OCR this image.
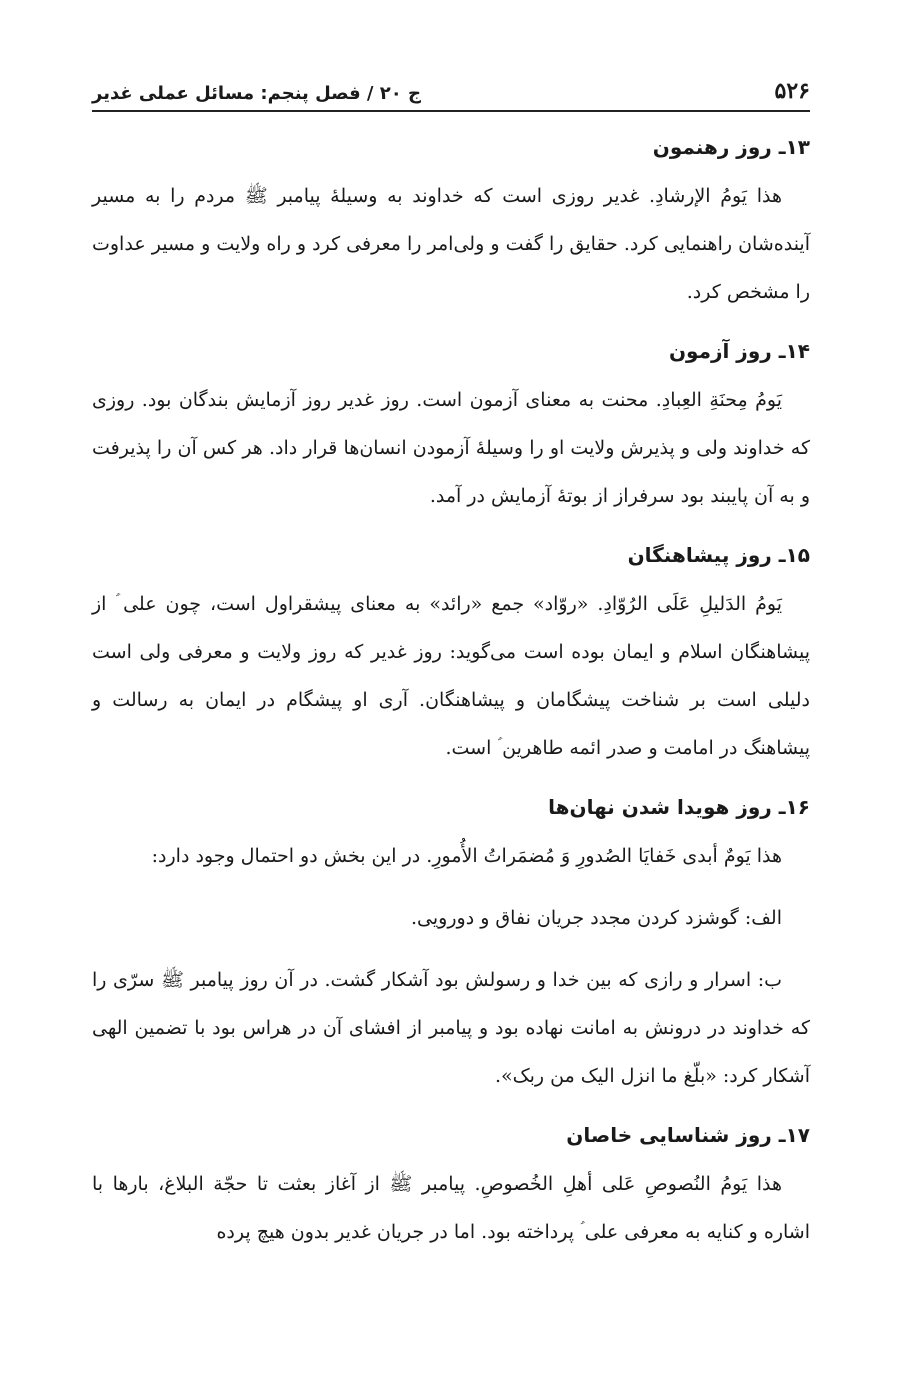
۵۲۶
ج ۲۰ / فصل پنجم: مسائل عملی غدیر
۱۳ـ روز رهنمون

هذا يَومُ الإرشادِ. غدیر روزی است که خداوند به وسیلهٔ پیامبر ﷺ مردم را به مسیر آینده‌شان راهنمایی کرد. حقایق را گفت و ولی‌امر را معرفی کرد و راه ولایت و مسیر عداوت را مشخص کرد.

۱۴ـ روز آزمون

يَومُ مِحنَةِ العِبادِ. محنت به معنای آزمون است. روز غدیر روز آزمایش بندگان بود. روزی که خداوند ولی و پذیرش ولایت او را وسیلهٔ آزمودن انسان‌ها قرار داد. هر کس آن را پذیرفت و به آن پایبند بود سرفراز از بوتهٔ آزمایش در آمد.

۱۵ـ روز پیشاهنگان

يَومُ الدَليلِ عَلَى الرُوّادِ. «روّاد» جمع «رائد» به معنای پیشقراول است، چون علی ؑ از پیشاهنگان اسلام و ایمان بوده است می‌گوید: روز غدیر که روز ولایت و معرفی ولی است دلیلی است بر شناخت پیشگامان و پیشاهنگان. آری او پیشگام در ایمان به رسالت و پیشاهنگ در امامت و صدر ائمه طاهرین ؑ است.

۱۶ـ روز هویدا شدن نهان‌ها

هذا يَومٌ أبدى خَفايَا الصُدورِ وَ مُضمَراتُ الأُمورِ. در این بخش دو احتمال وجود دارد:

الف: گوشزد کردن مجدد جریان نفاق و دورویی.

ب: اسرار و رازی که بین خدا و رسولش بود آشکار گشت. در آن روز پیامبر ﷺ سرّی را که خداوند در درونش به امانت نهاده بود و پیامبر از افشای آن در هراس بود با تضمین الهی آشکار کرد: «بلّغ ما انزل الیک من ربک».

۱۷ـ روز شناسایی خاصان

هذا يَومُ النُصوصِ عَلى أهلِ الخُصوصِ. پیامبر ﷺ از آغاز بعثت تا حجّة البلاغ، بارها با اشاره و کنایه به معرفی علی ؑ پرداخته بود. اما در جریان غدیر بدون هیچ پرده
